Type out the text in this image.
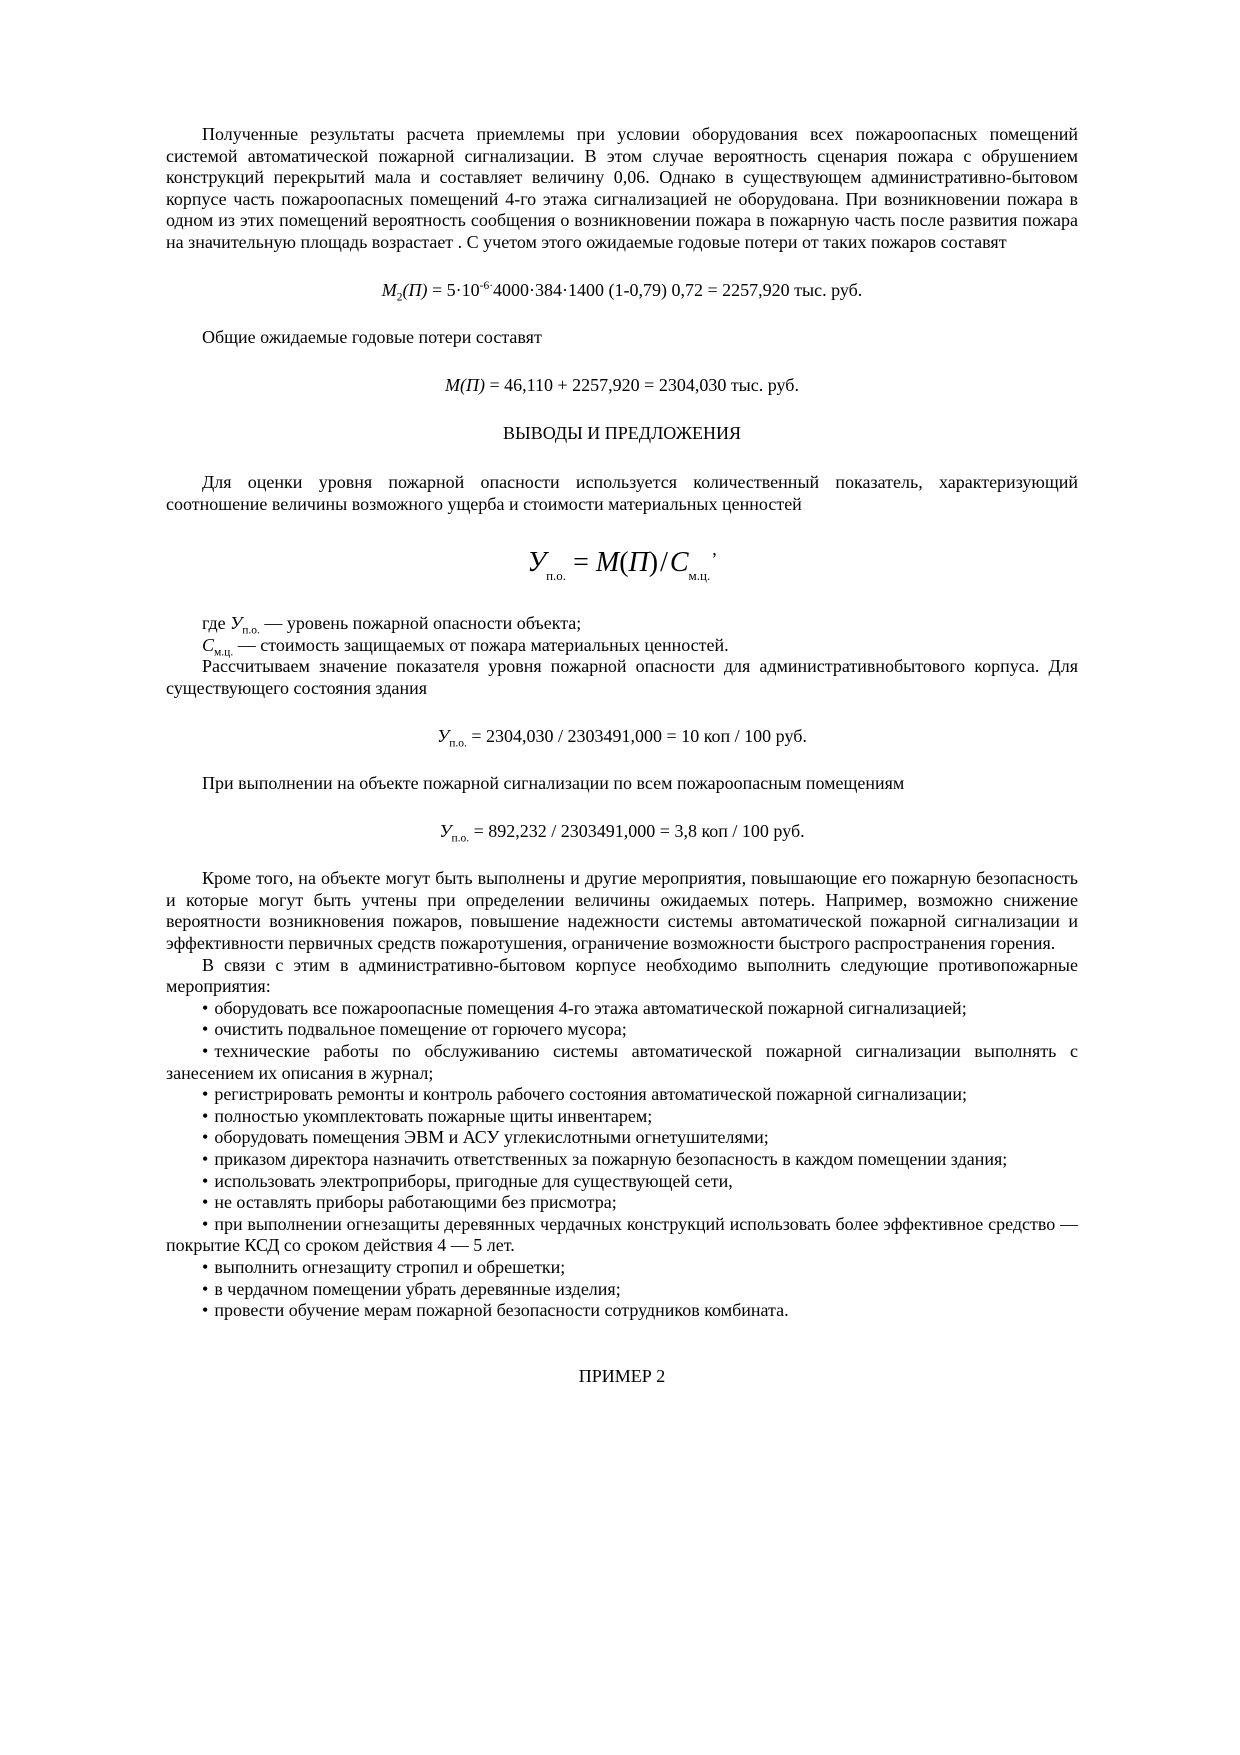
Полученные результаты расчета приемлемы при условии оборудования всех пожароопасных помещений системой автоматической пожарной сигнализации. В этом случае вероятность сценария пожара с обрушением конструкций перекрытий мала и составляет величину 0,06. Однако в существующем административно-бытовом корпусе часть пожароопасных помещений 4-го этажа сигнализацией не оборудована. При возникновении пожара в одном из этих помещений вероятность сообщения о возникновении пожара в пожарную часть после развития пожара на значительную площадь возрастает . С учетом этого ожидаемые годовые потери от таких пожаров составят

$М_2(П) = 5\cdot 10^{-6\cdot}4000\cdot 384\cdot 1400$ (1-0,79) 0,72 = 2257,920 тыс. руб.

Общие ожидаемые годовые потери составят

М(П) = 46,110 + 2257,920 = 2304,030 тыс. руб.
ВЫВОДЫ И ПРЕДЛОЖЕНИЯ

Для оценки уровня пожарной опасности используется количественный показатель, характеризующий соотношение величины возможного ущерба и стоимости материальных ценностей

$У_{п.о.} = М(П)/С_{м.ц.}^,$

где $У_{п.о.}$ — уровень пожарной опасности объекта;

$С_{м.ц.}$ — стоимость защищаемых от пожара материальных ценностей.

Рассчитываем значение показателя уровня пожарной опасности для административнобытового корпуса. Для существующего состояния здания

$У_{п.о.} = 2304,030 / 2303491,000 = 10$ коп / 100 руб.

При выполнении на объекте пожарной сигнализации по всем пожароопасным помещениям

$У_{п.о.} = 892,232 / 2303491,000 = 3,8$ коп / 100 руб.

Кроме того, на объекте могут быть выполнены и другие мероприятия, повышающие его пожарную безопасность и которые могут быть учтены при определении величины ожидаемых потерь. Например, возможно снижение вероятности возникновения пожаров, повышение надежности системы автоматической пожарной сигнализации и эффективности первичных средств пожаротушения, ограничение возможности быстрого распространения горения.

В связи с этим в административно-бытовом корпусе необходимо выполнить следующие противопожарные мероприятия:

• оборудовать все пожароопасные помещения 4-го этажа автоматической пожарной сигнализацией;

• очистить подвальное помещение от горючего мусора;

• технические работы по обслуживанию системы автоматической пожарной сигнализации выполнять с занесением их описания в журнал;

• регистрировать ремонты и контроль рабочего состояния автоматической пожарной сигнализации;

• полностью укомплектовать пожарные щиты инвентарем;

• оборудовать помещения ЭВМ и АСУ углекислотными огнетушителями;

• приказом директора назначить ответственных за пожарную безопасность в каждом помещении здания;

• использовать электроприборы, пригодные для существующей сети,

• не оставлять приборы работающими без присмотра;

• при выполнении огнезащиты деревянных чердачных конструкций использовать более эффективное средство — покрытие КСД со сроком действия 4 — 5 лет.

• выполнить огнезащиту стропил и обрешетки;

• в чердачном помещении убрать деревянные изделия;

• провести обучение мерам пожарной безопасности сотрудников комбината.

ПРИМЕР 2
